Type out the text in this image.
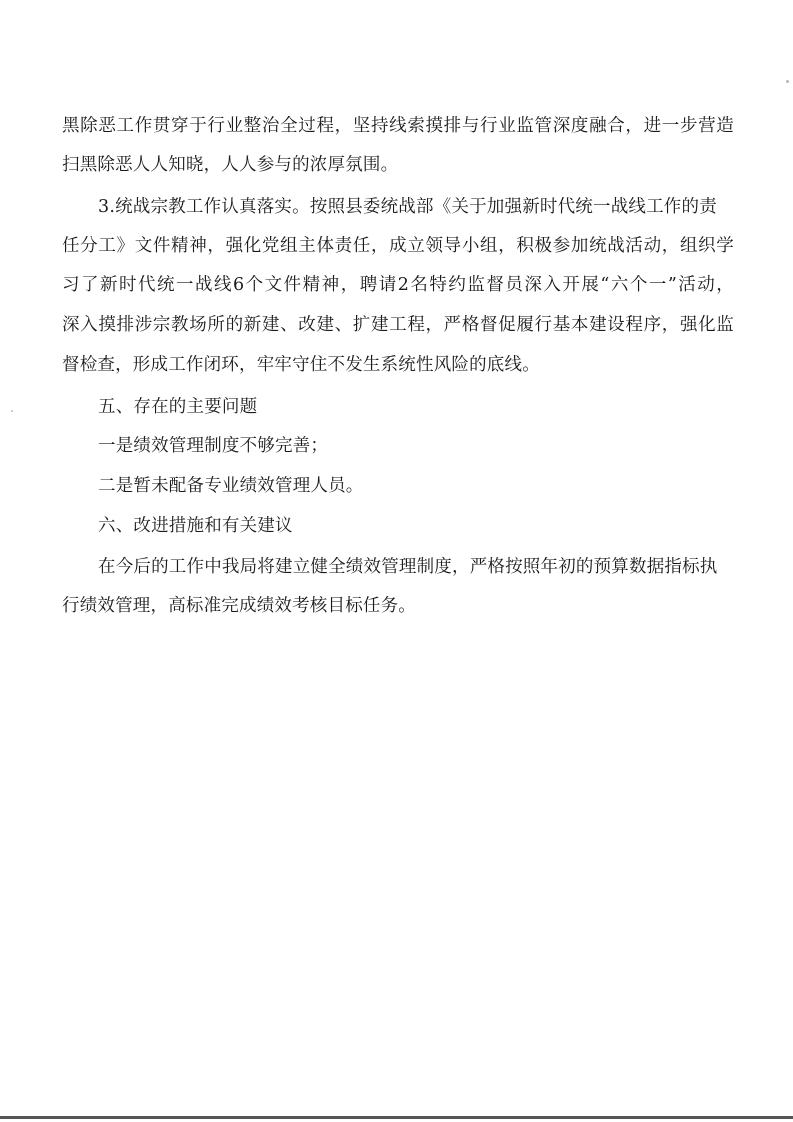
黑除恶工作贯穿于行业整治全过程，坚持线索摸排与行业监管深度融合，进一步营造
扫黑除恶人人知晓，人人参与的浓厚氛围。
3.统战宗教工作认真落实。按照县委统战部《关于加强新时代统一战线工作的责
任分工》文件精神，强化党组主体责任，成立领导小组，积极参加统战活动，组织学
习了新时代统一战线6个文件精神，聘请2名特约监督员深入开展“六个一”活动，
深入摸排涉宗教场所的新建、改建、扩建工程，严格督促履行基本建设程序，强化监
督检查，形成工作闭环，牢牢守住不发生系统性风险的底线。
五、存在的主要问题
一是绩效管理制度不够完善；
二是暂未配备专业绩效管理人员。
六、改进措施和有关建议
在今后的工作中我局将建立健全绩效管理制度，严格按照年初的预算数据指标执
行绩效管理，高标准完成绩效考核目标任务。
